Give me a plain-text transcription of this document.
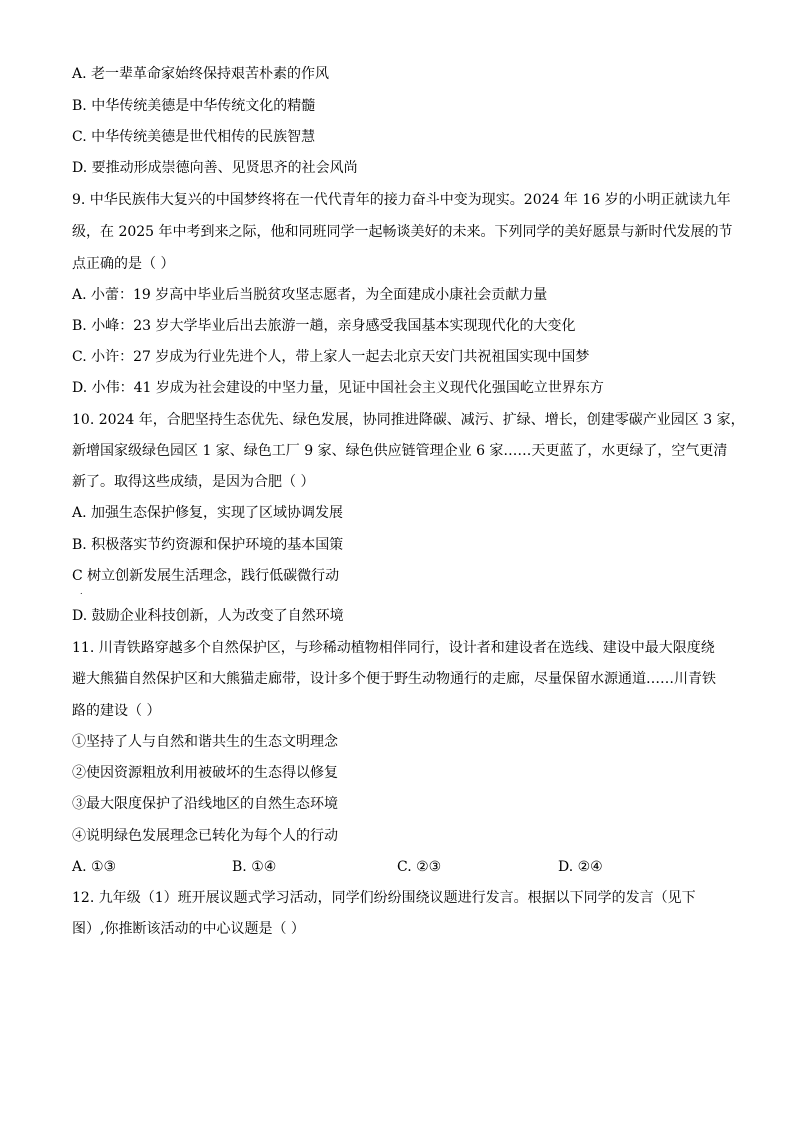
A. 老一辈革命家始终保持艰苦朴素的作风
B. 中华传统美德是中华传统文化的精髓
C. 中华传统美德是世代相传的民族智慧
D. 要推动形成崇德向善、见贤思齐的社会风尚
9. 中华民族伟大复兴的中国梦终将在一代代青年的接力奋斗中变为现实。2024 年 16 岁的小明正就读九年
级，在 2025 年中考到来之际，他和同班同学一起畅谈美好的未来。下列同学的美好愿景与新时代发展的节
点正确的是（ ）
A. 小蕾：19 岁高中毕业后当脱贫攻坚志愿者，为全面建成小康社会贡献力量
B. 小峰：23 岁大学毕业后出去旅游一趟，亲身感受我国基本实现现代化的大变化
C. 小许：27 岁成为行业先进个人，带上家人一起去北京天安门共祝祖国实现中国梦
D. 小伟：41 岁成为社会建设的中坚力量，见证中国社会主义现代化强国屹立世界东方
10. 2024 年，合肥坚持生态优先、绿色发展，协同推进降碳、减污、扩绿、增长，创建零碳产业园区 3 家，
新增国家级绿色园区 1 家、绿色工厂 9 家、绿色供应链管理企业 6 家……天更蓝了，水更绿了，空气更清
新了。取得这些成绩，是因为合肥（ ）
A. 加强生态保护修复，实现了区域协调发展
B. 积极落实节约资源和保护环境的基本国策
C 树立创新发展生活理念，践行低碳微行动
.
D. 鼓励企业科技创新，人为改变了自然环境
11. 川青铁路穿越多个自然保护区，与珍稀动植物相伴同行，设计者和建设者在选线、建设中最大限度绕
避大熊猫自然保护区和大熊猫走廊带，设计多个便于野生动物通行的走廊，尽量保留水源通道……川青铁
路的建设（ ）
①坚持了人与自然和谐共生的生态文明理念
②使因资源粗放利用被破坏的生态得以修复
③最大限度保护了沿线地区的自然生态环境
④说明绿色发展理念已转化为每个人的行动
A. ①③	B. ①④	C. ②③	D. ②④
12. 九年级（1）班开展议题式学习活动，同学们纷纷围绕议题进行发言。根据以下同学的发言（见下
图）,你推断该活动的中心议题是（ ）
